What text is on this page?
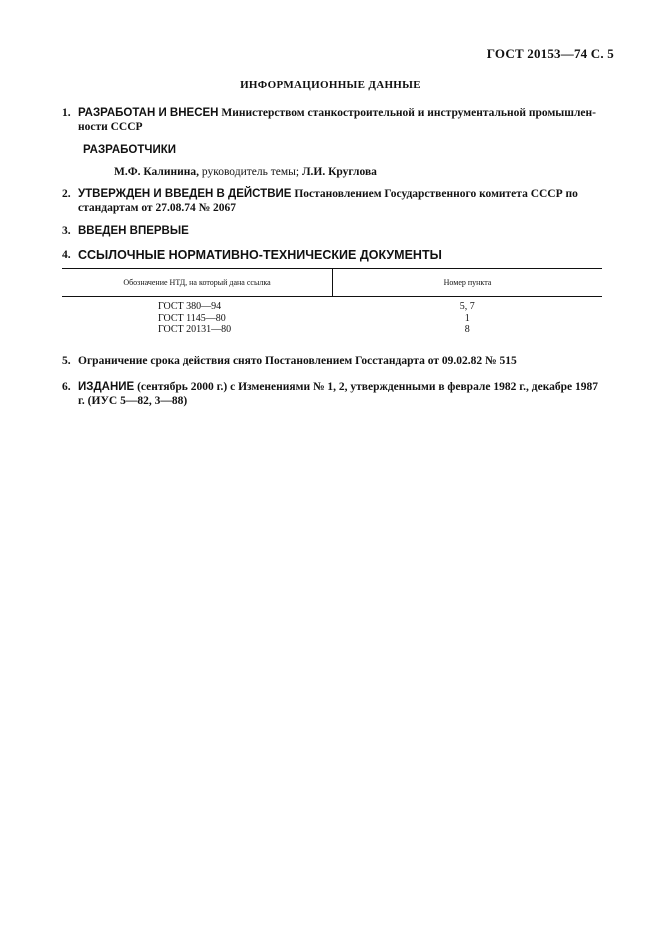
ГОСТ 20153—74 С. 5
ИНФОРМАЦИОННЫЕ ДАННЫЕ
1. РАЗРАБОТАН И ВНЕСЕН Министерством станкостроительной и инструментальной промышлен-ности СССР
РАЗРАБОТЧИКИ
М.Ф. Калинина, руководитель темы; Л.И. Круглова
2. УТВЕРЖДЕН И ВВЕДЕН В ДЕЙСТВИЕ Постановлением Государственного комитета СССР по стандартам от 27.08.74 № 2067
3. ВВЕДЕН ВПЕРВЫЕ
4. ССЫЛОЧНЫЕ НОРМАТИВНО-ТЕХНИЧЕСКИЕ ДОКУМЕНТЫ
Обозначение НТД, на который дана ссылка	Номер пункта
ГОСТ 380—94	5, 7
ГОСТ 1145—80	1
ГОСТ 20131—80	8
5. Ограничение срока действия снято Постановлением Госстандарта от 09.02.82 № 515
6. ИЗДАНИЕ (сентябрь 2000 г.) с Изменениями № 1, 2, утвержденными в феврале 1982 г., декабре 1987 г. (ИУС 5—82, 3—88)
